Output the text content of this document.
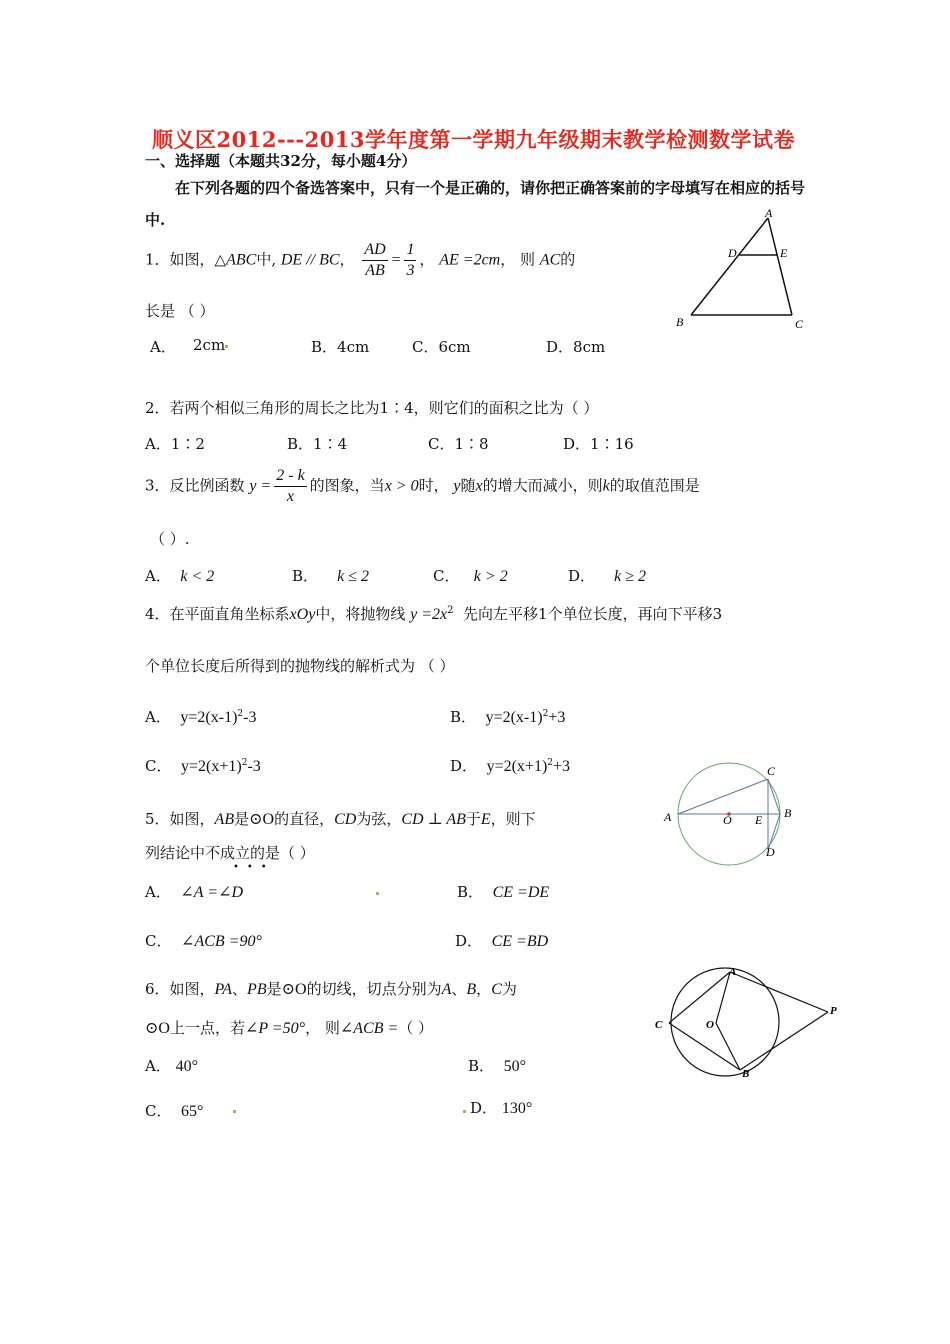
顺义区2012---2013学年度第一学期九年级期末教学检测数学试卷
一、选择题（本题共32分，每小题4分）
在下列各题的四个备选答案中，只有一个是正确的，请你把正确答案前的字母填写在相应的括号中.
1．如图，△ABC中, DE // BC， $\frac{AD}{AB} = \frac{1}{3}$ ， AE =2cm， 则 AC的
长是 （ ）
A． 2cm	B．4cm	C．6cm	D．8cm
A
D	E
B	C
2．若两个相似三角形的周长之比为1∶4，则它们的面积之比为（ ）
A．1∶2	B．1∶4	C．1∶8	D．1∶16
3．反比例函数 $y = \frac{2 - k}{x}$ 的图象，当x > 0时， y随x的增大而减小，则k的取值范围是
（ ）.
A． k < 2	B． k ≤ 2	C． k > 2	D． k ≥ 2
4．在平面直角坐标系xOy中，将抛物线 $y =2x^2$ 先向左平移1个单位长度，再向下平移3
个单位长度后所得到的抛物线的解析式为 （ ）
A． $y=2(x-1)^2-3$	B． $y=2(x-1)^2+3$
C． $y=2(x+1)^2-3$	D． $y=2(x+1)^2+3$
5．如图，AB是⊙O的直径，CD为弦，CD ⊥ AB于E，则下
列结论中不成立的是（ ）
•••
A． ∠A =∠D	B． CE =DE
C． ∠ACB =90°	D． CE =BD
C
B
A	O E
D
6．如图，PA、PB是⊙O的切线，切点分别为A、B，C为
⊙O上一点，若∠P =50°， 则∠ACB =（ ）
A． 40°	B． 50°
C． 65°	D． 130°
A
P
C	O
B
